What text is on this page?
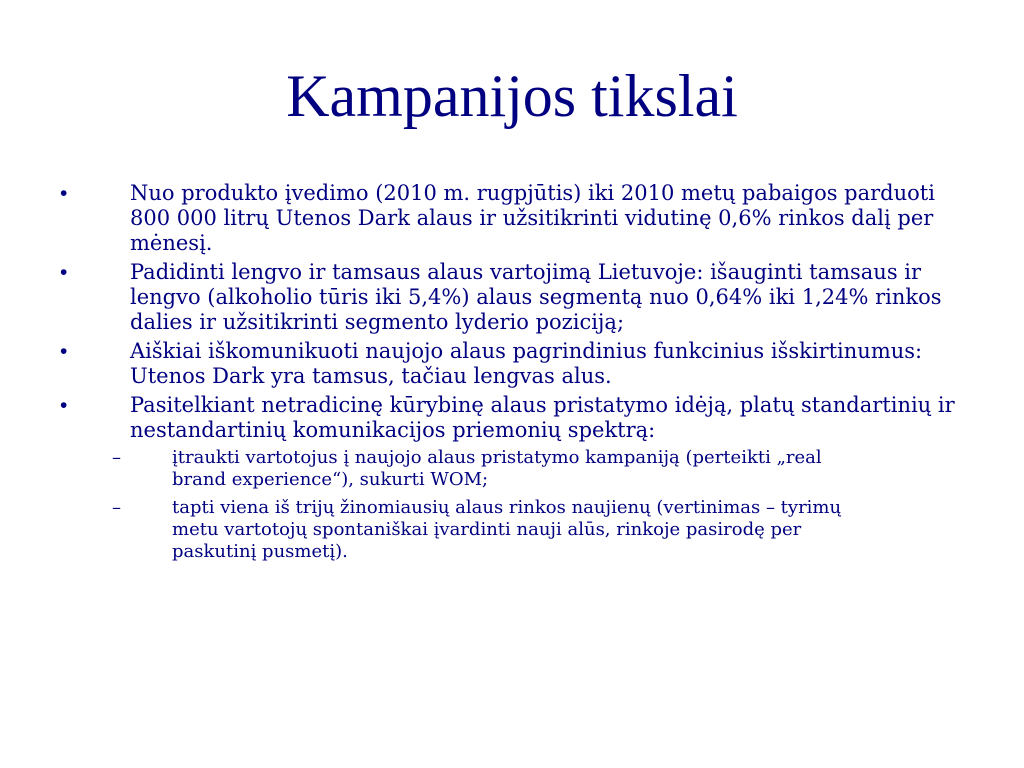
Kampanijos tikslai
•	Nuo produkto įvedimo (2010 m. rugpjūtis) iki 2010 metų pabaigos parduoti 800 000 litrų Utenos Dark alaus ir užsitikrinti vidutinę 0,6% rinkos dalį per mėnesį.
•	Padidinti lengvo ir tamsaus alaus vartojimą Lietuvoje: išauginti tamsaus ir lengvo (alkoholio tūris iki 5,4%) alaus segmentą nuo 0,64% iki 1,24% rinkos dalies ir užsitikrinti segmento lyderio poziciją;
•	Aiškiai iškomunikuoti naujojo alaus pagrindinius funkcinius išskirtinumus: Utenos Dark yra tamsus, tačiau lengvas alus.
•	Pasitelkiant netradicinę kūrybinę alaus pristatymo idėją, platų standartinių ir nestandartinių komunikacijos priemonių spektrą:
–	įtraukti vartotojus į naujojo alaus pristatymo kampaniją (perteikti „real brand experience“), sukurti WOM;
–	tapti viena iš trijų žinomiausių alaus rinkos naujienų (vertinimas – tyrimų metu vartotojų spontaniškai įvardinti nauji alūs, rinkoje pasirodę per paskutinį pusmetį).
